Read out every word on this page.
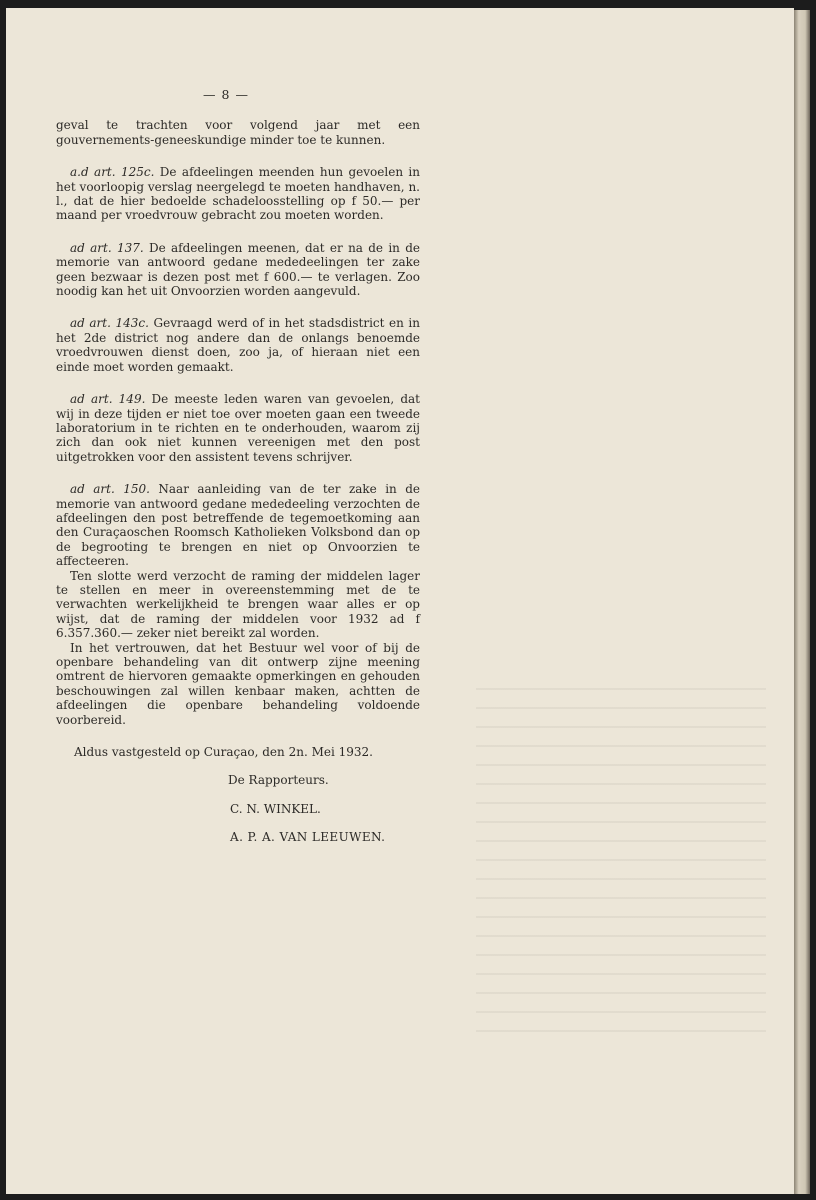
— 8 —

geval te trachten voor volgend jaar met een gouvernements-geneeskundige minder toe te kunnen.

a.d art. 125c. De afdeelingen meenden hun gevoelen in het voorloopig verslag neergelegd te moeten handhaven, n. l., dat de hier bedoelde schadeloosstelling op f 50.— per maand per vroedvrouw gebracht zou moeten worden.

ad art. 137. De afdeelingen meenen, dat er na de in de memorie van antwoord gedane mededeelingen ter zake geen bezwaar is dezen post met f 600.— te verlagen. Zoo noodig kan het uit Onvoorzien worden aangevuld.

ad art. 143c. Gevraagd werd of in het stadsdistrict en in het 2de district nog andere dan de onlangs benoemde vroedvrouwen dienst doen, zoo ja, of hieraan niet een einde moet worden gemaakt.

ad art. 149. De meeste leden waren van gevoelen, dat wij in deze tijden er niet toe over moeten gaan een tweede laboratorium in te richten en te onderhouden, waarom zij zich dan ook niet kunnen vereenigen met den post uitgetrokken voor den assistent tevens schrijver.

ad art. 150. Naar aanleiding van de ter zake in de memorie van antwoord gedane mededeeling verzochten de afdeelingen den post betreffende de tegemoetkoming aan den Curaçaoschen Roomsch Katholieken Volksbond dan op de begrooting te brengen en niet op Onvoorzien te affecteeren.

Ten slotte werd verzocht de raming der middelen lager te stellen en meer in overeenstemming met de te verwachten werkelijkheid te brengen waar alles er op wijst, dat de raming der middelen voor 1932 ad f 6.357.360.— zeker niet bereikt zal worden.

In het vertrouwen, dat het Bestuur wel voor of bij de openbare behandeling van dit ontwerp zijne meening omtrent de hiervoren gemaakte opmerkingen en gehouden beschouwingen zal willen kenbaar maken, achtten de afdeelingen die openbare behandeling voldoende voorbereid.

Aldus vastgesteld op Curaçao, den 2n. Mei 1932.
De Rapporteurs.
C. N. WINKEL.
A. P. A. VAN LEEUWEN.
